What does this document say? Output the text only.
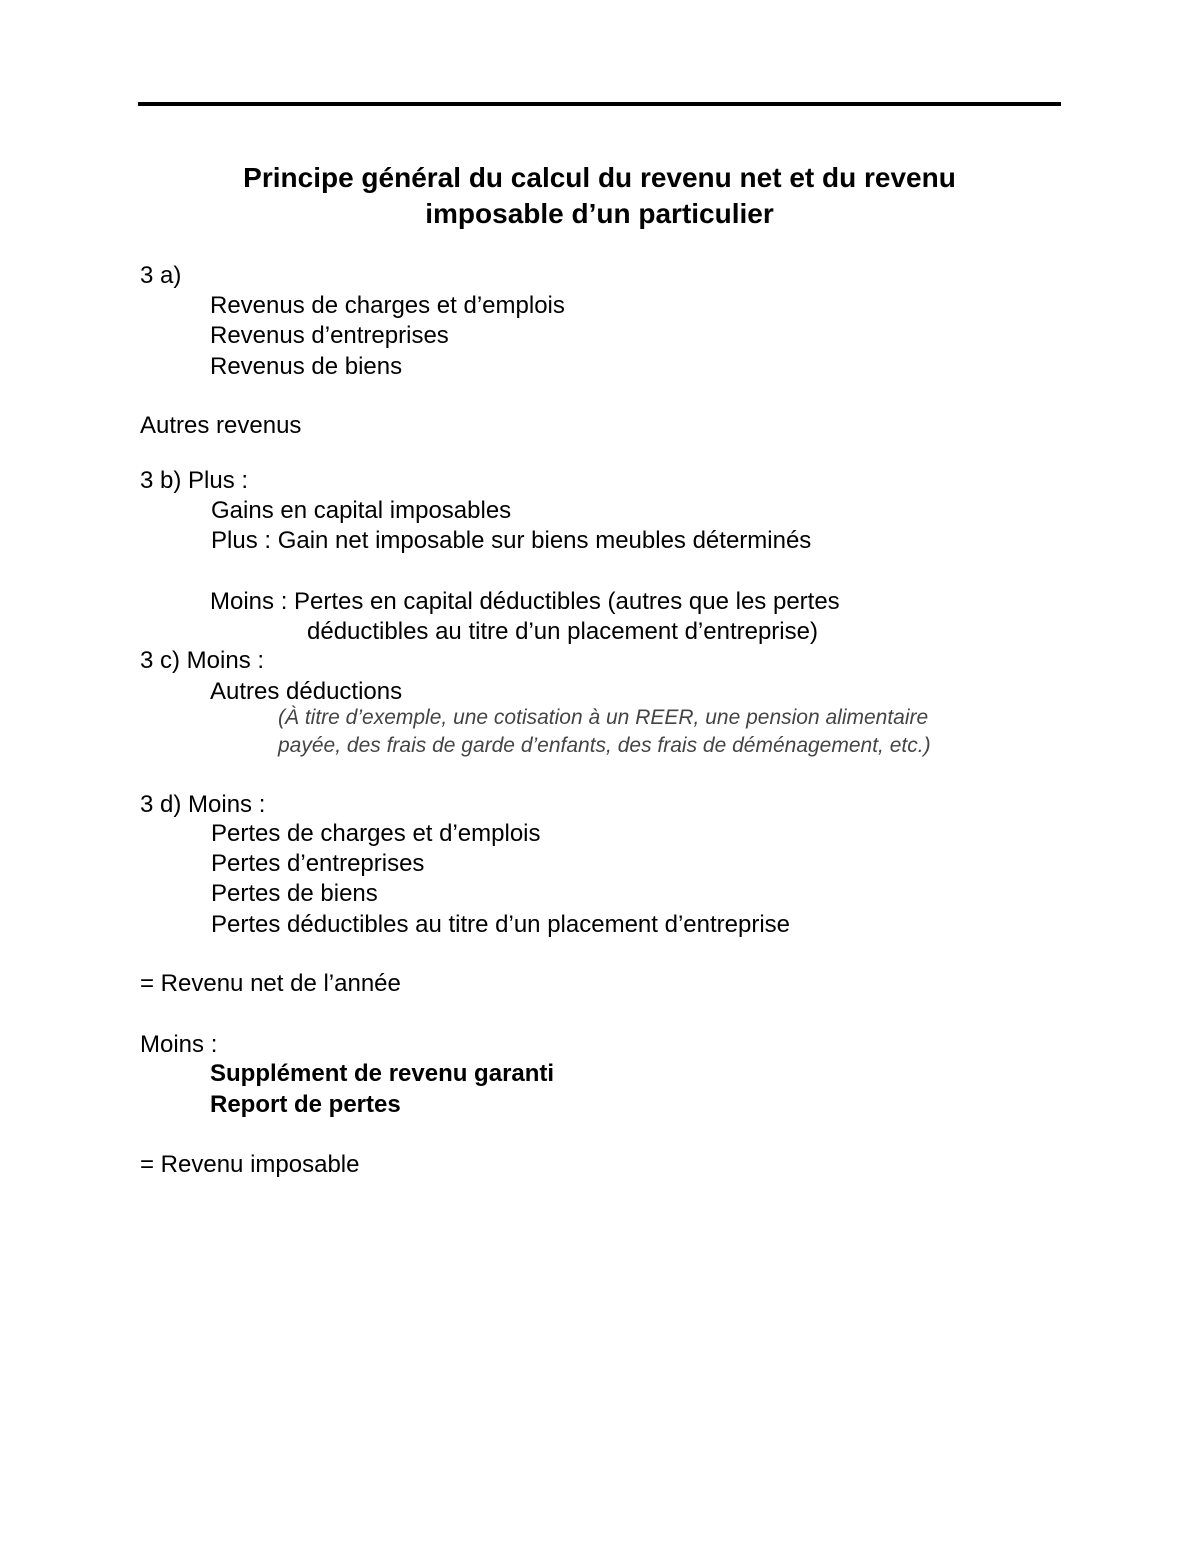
Principe général du calcul du revenu net et du revenu
imposable d’un particulier
3 a)
Revenus de charges et d’emplois
Revenus d’entreprises
Revenus de biens
Autres revenus
3 b) Plus :
Gains en capital imposables
Plus : Gain net imposable sur biens meubles déterminés
Moins : Pertes en capital déductibles (autres que les pertes
déductibles au titre d’un placement d’entreprise)
3 c) Moins :
Autres déductions
(À titre d’exemple, une cotisation à un REER, une pension alimentaire
payée, des frais de garde d’enfants, des frais de déménagement, etc.)
3 d) Moins :
Pertes de charges et d’emplois
Pertes d’entreprises
Pertes de biens
Pertes déductibles au titre d’un placement d’entreprise
= Revenu net de l’année
Moins :
Supplément de revenu garanti
Report de pertes
= Revenu imposable
